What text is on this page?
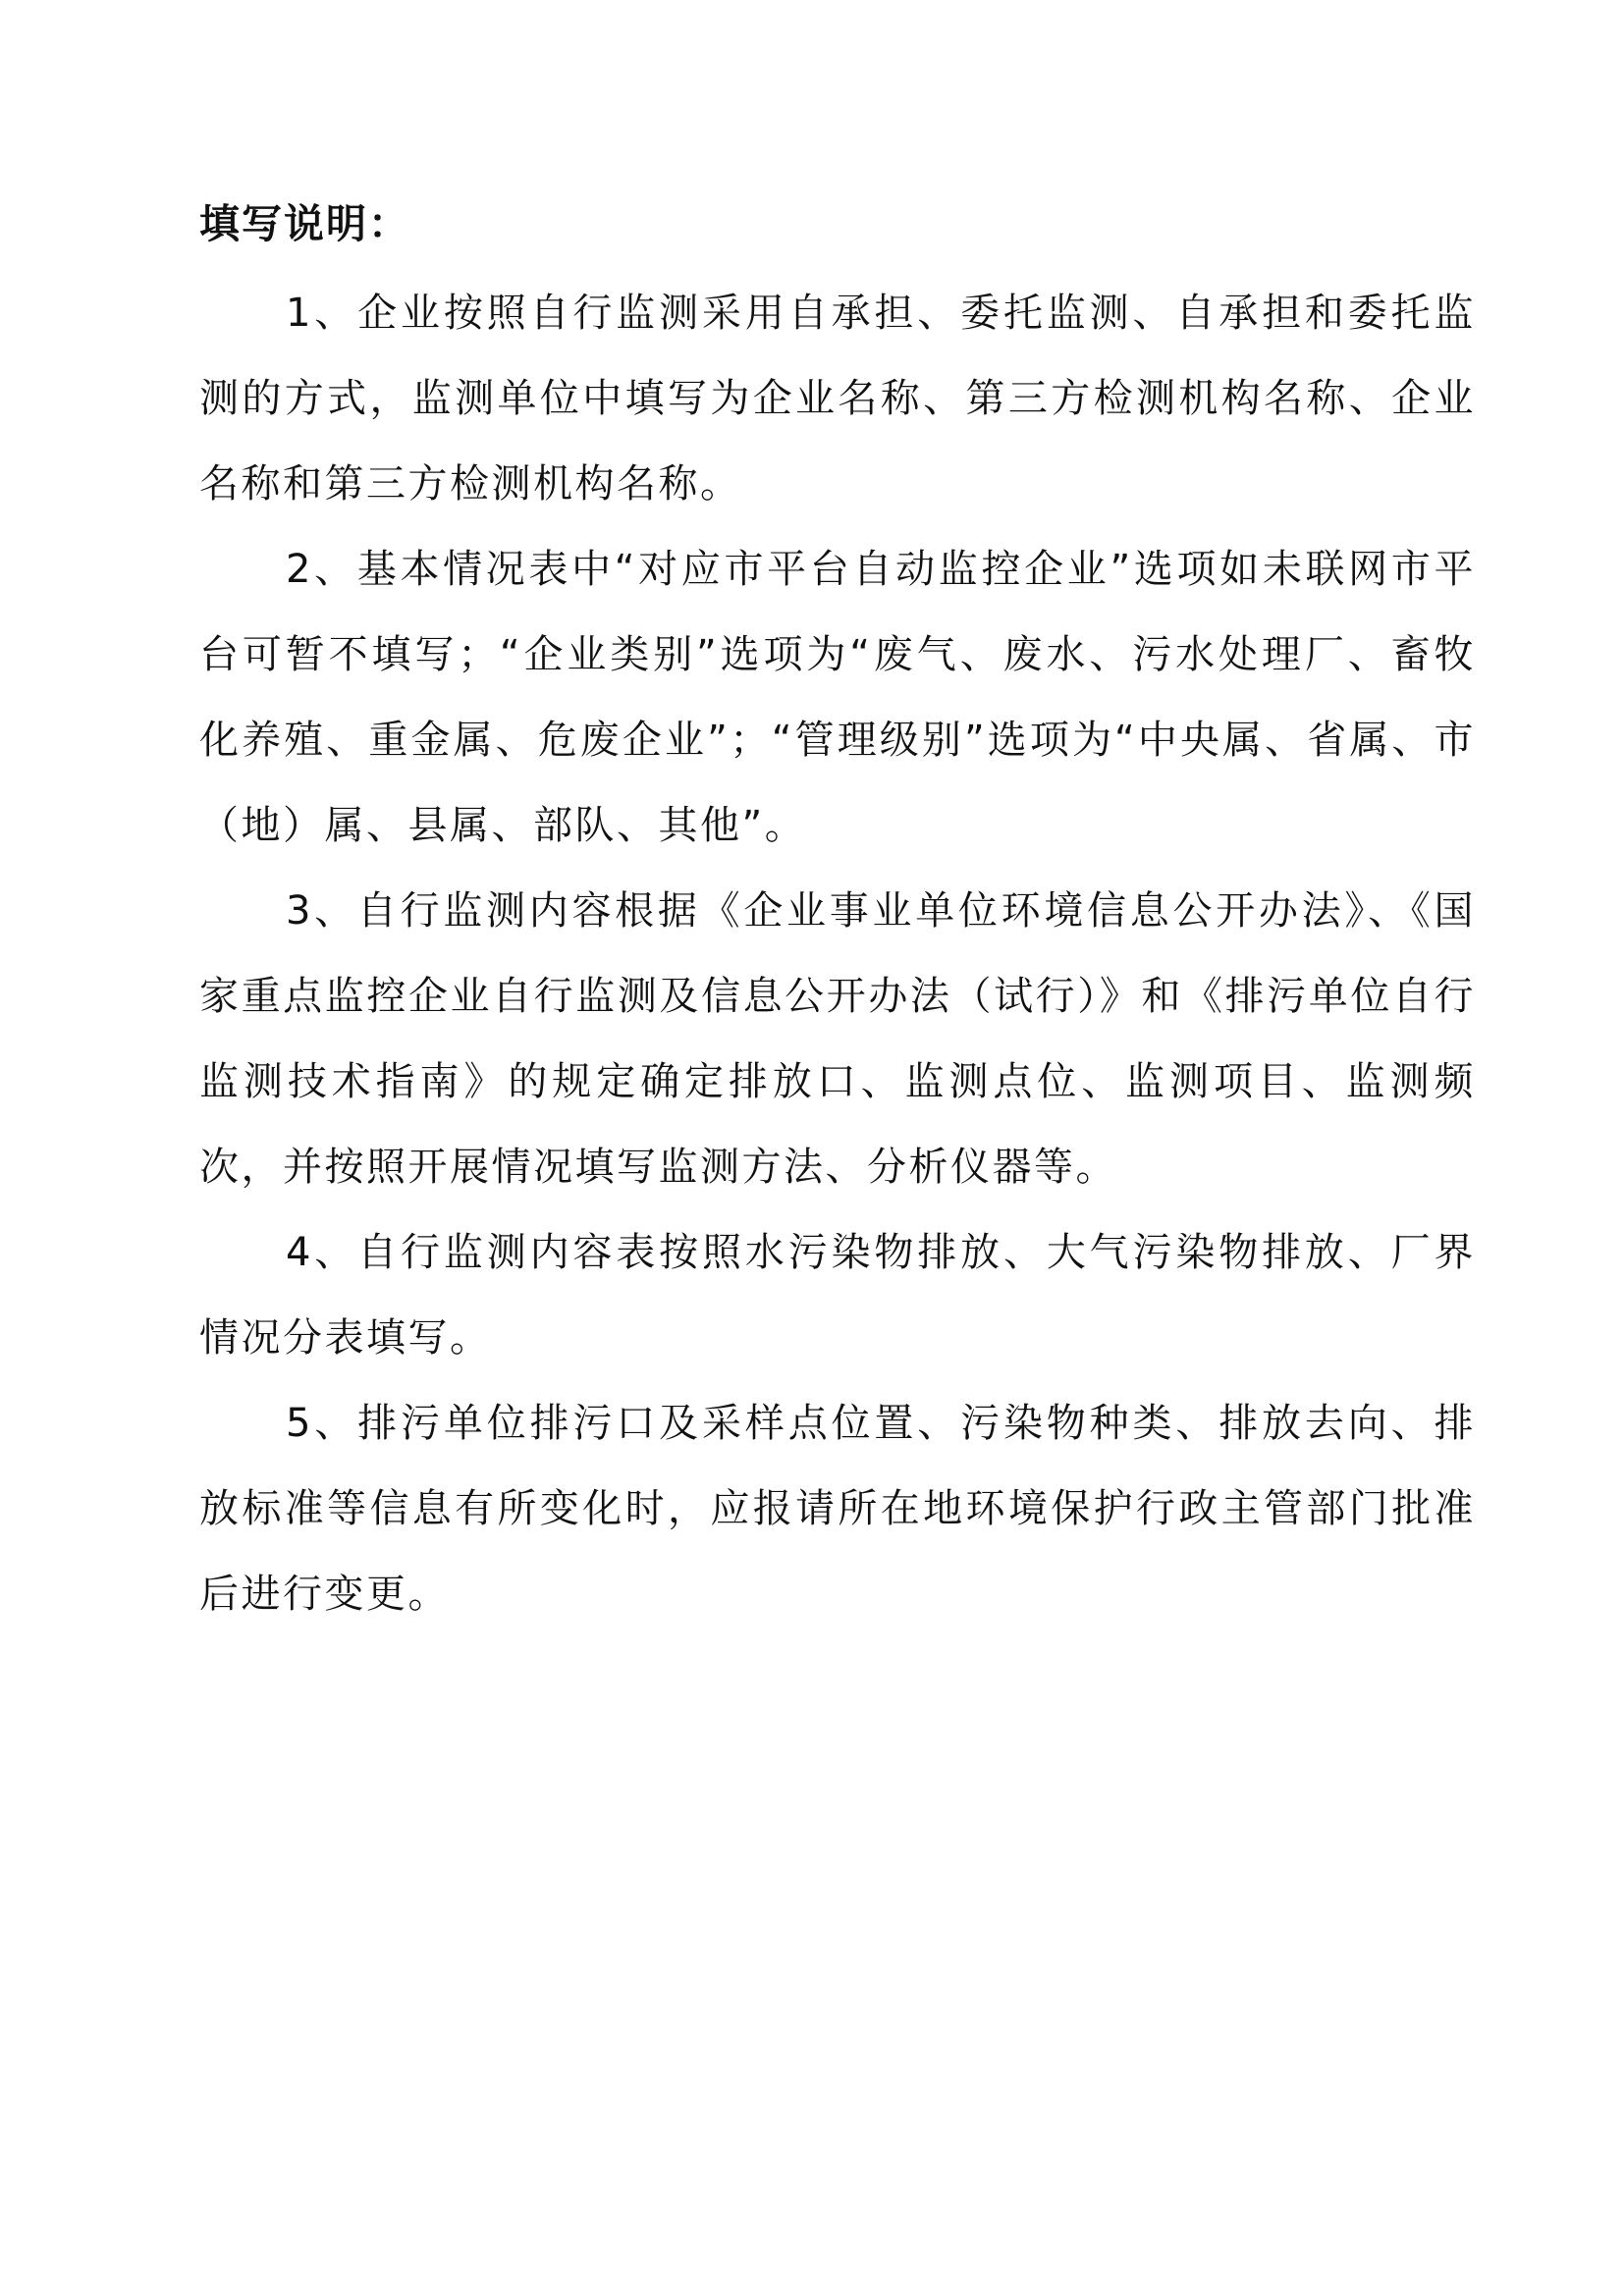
填写说明：

1、企业按照自行监测采用自承担、委托监测、自承担和委托监测的方式，监测单位中填写为企业名称、第三方检测机构名称、企业名称和第三方检测机构名称。

2、基本情况表中“对应市平台自动监控企业”选项如未联网市平台可暂不填写；“企业类别”选项为“废气、废水、污水处理厂、畜牧化养殖、重金属、危废企业”；“管理级别”选项为“中央属、省属、市（地）属、县属、部队、其他”。

3、自行监测内容根据《企业事业单位环境信息公开办法》、《国家重点监控企业自行监测及信息公开办法（试行）》和《排污单位自行监测技术指南》的规定确定排放口、监测点位、监测项目、监测频次，并按照开展情况填写监测方法、分析仪器等。

4、自行监测内容表按照水污染物排放、大气污染物排放、厂界情况分表填写。

5、排污单位排污口及采样点位置、污染物种类、排放去向、排放标准等信息有所变化时，应报请所在地环境保护行政主管部门批准后进行变更。
